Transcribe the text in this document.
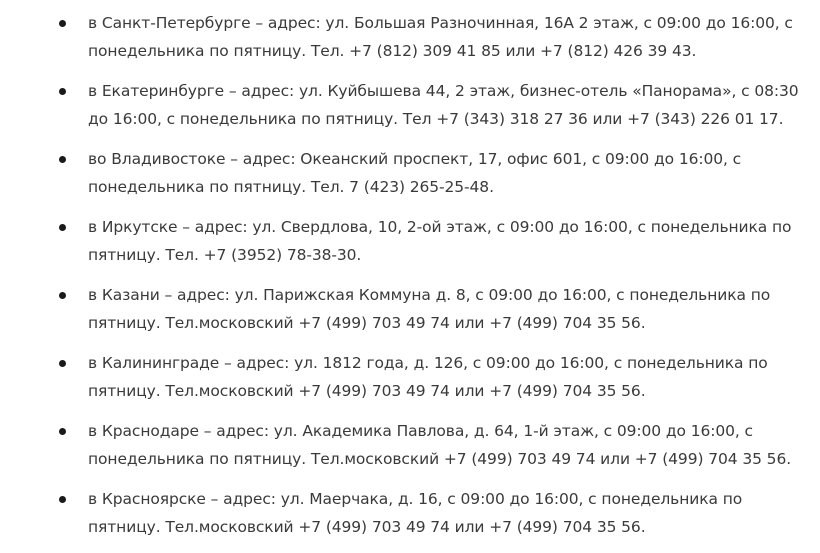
в Санкт-Петербурге – адрес: ул. Большая Разночинная, 16А 2 этаж, с 09:00 до 16:00, с
понедельника по пятницу. Тел. +7 (812) 309 41 85 или +7 (812) 426 39 43.
в Екатеринбурге – адрес: ул. Куйбышева 44, 2 этаж, бизнес-отель «Панорама», с 08:30
до 16:00, с понедельника по пятницу. Тел +7 (343) 318 27 36 или +7 (343) 226 01 17.
во Владивостоке – адрес: Океанский проспект, 17, офис 601, с 09:00 до 16:00, с
понедельника по пятницу. Тел. 7 (423) 265-25-48.
в Иркутске – адрес: ул. Свердлова, 10, 2-ой этаж, с 09:00 до 16:00, с понедельника по
пятницу. Тел. +7 (3952) 78-38-30.
в Казани – адрес: ул. Парижская Коммуна д. 8, с 09:00 до 16:00, с понедельника по
пятницу. Тел.московский +7 (499) 703 49 74 или +7 (499) 704 35 56.
в Калининграде – адрес: ул. 1812 года, д. 126, с 09:00 до 16:00, с понедельника по
пятницу. Тел.московский +7 (499) 703 49 74 или +7 (499) 704 35 56.
в Краснодаре – адрес: ул. Академика Павлова, д. 64, 1-й этаж, с 09:00 до 16:00, с
понедельника по пятницу. Тел.московский +7 (499) 703 49 74 или +7 (499) 704 35 56.
в Красноярске – адрес: ул. Маерчака, д. 16, с 09:00 до 16:00, с понедельника по
пятницу. Тел.московский +7 (499) 703 49 74 или +7 (499) 704 35 56.
